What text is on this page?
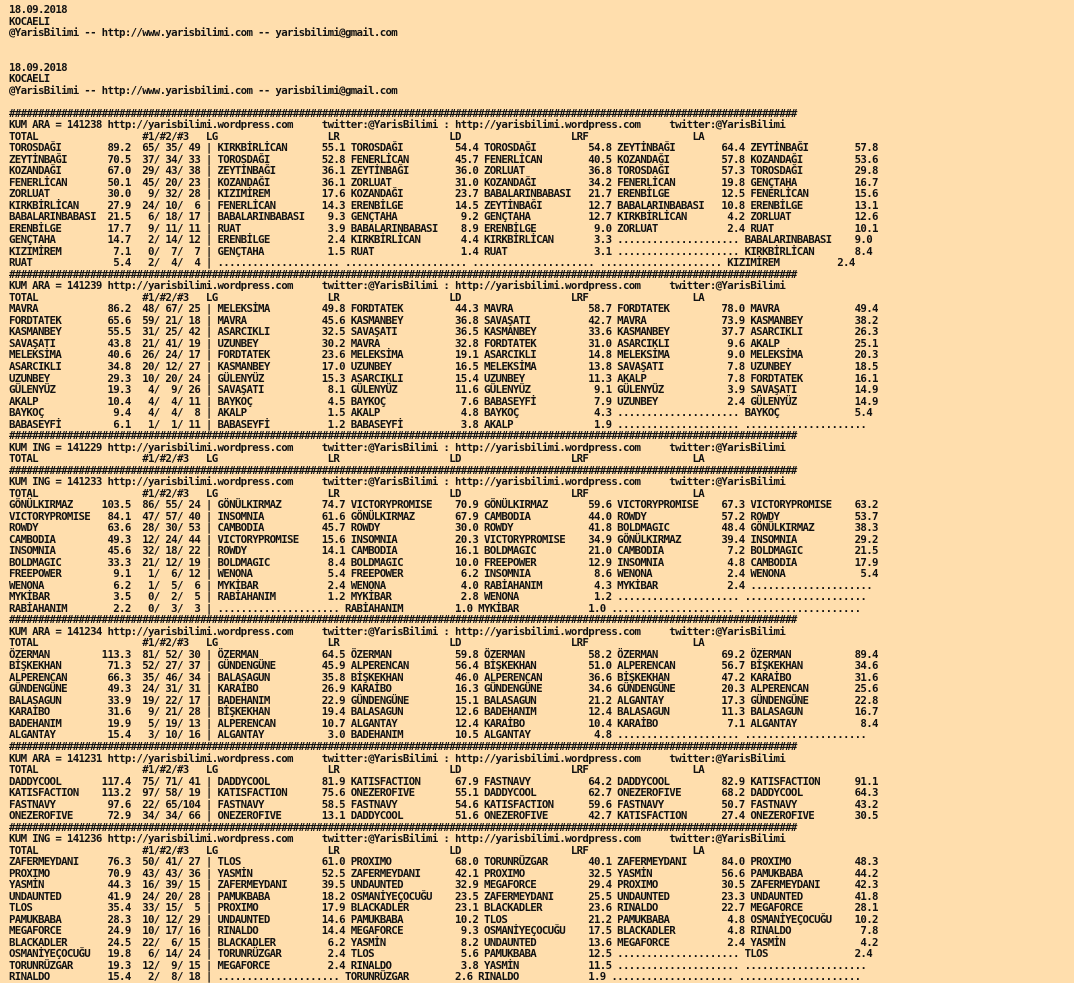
18.09.2018
KOCAELI
@YarisBilimi -- http://www.yarisbilimi.com -- yarisbilimi@gmail.com

18.09.2018
KOCAELI
@YarisBilimi -- http://www.yarisbilimi.com -- yarisbilimi@gmail.com

########################################################################################################################################
KUM ARA = 141238 http://yarisbilimi.wordpress.com     twitter:@YarisBilimi : http://yarisbilimi.wordpress.com     twitter:@YarisBilimi
TOTAL                  #1/#2/#3   LG                   LR                   LD                   LRF                  LA
TOROSDAĞI        89.2  65/ 35/ 49 | KIRKBİRLİCAN      55.1 TOROSDAĞI         54.4 TOROSDAĞI         54.8 ZEYTİNBAĞI        64.4 ZEYTİNBAĞI        57.8
ZEYTİNBAĞI       70.5  37/ 34/ 33 | TOROSDAĞI         52.8 FENERLİCAN        45.7 FENERLİCAN        40.5 KOZANDAĞI         57.8 KOZANDAĞI         53.6
KOZANDAĞI        67.0  29/ 43/ 38 | ZEYTİNBAĞI        36.1 ZEYTİNBAĞI        36.0 ZORLUAT           36.8 TOROSDAĞI         57.3 TOROSDAĞI         29.8
FENERLİCAN       50.1  45/ 20/ 23 | KOZANDAĞI         36.1 ZORLUAT           31.0 KOZANDAĞI         34.2 FENERLİCAN        19.8 GENÇTAHA          16.7
ZORLUAT          30.0   9/ 32/ 28 | KIZIMİREM         17.6 KOZANDAĞI         23.7 BABALARINBABASI   21.7 ERENBİLGE         12.5 FENERLİCAN        15.6
KIRKBİRLİCAN     27.9  24/ 10/  6 | FENERLİCAN        14.3 ERENBİLGE         14.5 ZEYTİNBAĞI        12.7 BABALARINBABASI   10.8 ERENBİLGE         13.1
BABALARINBABASI  21.5   6/ 18/ 17 | BABALARINBABASI    9.3 GENÇTAHA           9.2 GENÇTAHA          12.7 KIRKBİRLİCAN       4.2 ZORLUAT           12.6
ERENBİLGE        17.7   9/ 11/ 11 | RUAT               3.9 BABALARINBABASI    8.9 ERENBİLGE          9.0 ZORLUAT            2.4 RUAT              10.1
GENÇTAHA         14.7   2/ 14/ 12 | ERENBİLGE          2.4 KIRKBİRLİCAN       4.4 KIRKBİRLİCAN       3.3 ..................... BABALARINBABASI    9.0
KIZIMİREM         7.1   0/  7/  7 | GENÇTAHA           1.5 RUAT               1.4 RUAT               3.1 ..................... KIRKBİRLİCAN       8.4
RUAT              5.4   2/  4/  4 | ..................... ..................... ..................... ..................... KIZIMİREM          2.4
########################################################################################################################################
KUM ARA = 141239 http://yarisbilimi.wordpress.com     twitter:@YarisBilimi : http://yarisbilimi.wordpress.com     twitter:@YarisBilimi
TOTAL                  #1/#2/#3   LG                   LR                   LD                   LRF                  LA
MAVRA            86.2  48/ 67/ 25 | MELEKSİMA         49.8 FORDTATEK         44.3 MAVRA             58.7 FORDTATEK         78.0 MAVRA             49.4
FORDTATEK        65.6  59/ 21/ 18 | MAVRA             45.6 KASMANBEY         36.8 SAVAŞATI          42.7 MAVRA             73.9 KASMANBEY         38.2
KASMANBEY        55.5  31/ 25/ 42 | ASARCIKLI         32.5 SAVAŞATI          36.5 KASMANBEY         33.6 KASMANBEY         37.7 ASARCIKLI         26.3
SAVAŞATI         43.8  21/ 41/ 19 | UZUNBEY           30.2 MAVRA             32.8 FORDTATEK         31.0 ASARCIKLI          9.6 AKALP             25.1
MELEKSİMA        40.6  26/ 24/ 17 | FORDTATEK         23.6 MELEKSİMA         19.1 ASARCIKLI         14.8 MELEKSİMA          9.0 MELEKSİMA         20.3
ASARCIKLI        34.8  20/ 12/ 27 | KASMANBEY         17.0 UZUNBEY           16.5 MELEKSİMA         13.8 SAVAŞATI           7.8 UZUNBEY           18.5
UZUNBEY          29.3  10/ 20/ 24 | GÜLENYÜZ          15.3 ASARCIKLI         15.4 UZUNBEY           11.3 AKALP              7.8 FORDTATEK         16.1
GÜLENYÜZ         19.3   4/  9/ 26 | SAVAŞATI           8.1 GÜLENYÜZ          11.6 GÜLENYÜZ           9.1 GÜLENYÜZ           3.9 SAVAŞATI          14.9
AKALP            10.4   4/  4/ 11 | BAYKOÇ             4.5 BAYKOÇ             7.6 BABASEYFİ          7.9 UZUNBEY            2.4 GÜLENYÜZ          14.9
BAYKOÇ            9.4   4/  4/  8 | AKALP              1.5 AKALP              4.8 BAYKOÇ             4.3 ..................... BAYKOÇ             5.4
BABASEYFİ         6.1   1/  1/ 11 | BABASEYFİ          1.2 BABASEYFİ          3.8 AKALP              1.9 ..................... .....................
########################################################################################################################################
KUM ING = 141229 http://yarisbilimi.wordpress.com     twitter:@YarisBilimi : http://yarisbilimi.wordpress.com     twitter:@YarisBilimi
TOTAL                  #1/#2/#3   LG                   LR                   LD                   LRF                  LA
########################################################################################################################################
KUM ING = 141233 http://yarisbilimi.wordpress.com     twitter:@YarisBilimi : http://yarisbilimi.wordpress.com     twitter:@YarisBilimi
TOTAL                  #1/#2/#3   LG                   LR                   LD                   LRF                  LA
GÖNÜLKIRMAZ     103.5  86/ 55/ 24 | GÖNÜLKIRMAZ       74.7 VICTORYPROMISE    70.9 GÖNÜLKIRMAZ       59.6 VICTORYPROMISE    67.3 VICTORYPROMISE    63.2
VICTORYPROMISE   84.1  47/ 57/ 40 | INSOMNIA          61.6 GÖNÜLKIRMAZ       67.9 CAMBODIA          44.0 ROWDY             57.2 ROWDY             53.7
ROWDY            63.6  28/ 30/ 53 | CAMBODIA          45.7 ROWDY             30.0 ROWDY             41.8 BOLDMAGIC         48.4 GÖNÜLKIRMAZ       38.3
CAMBODIA         49.3  12/ 24/ 44 | VICTORYPROMISE    15.6 INSOMNIA          20.3 VICTORYPROMISE    34.9 GÖNÜLKIRMAZ       39.4 INSOMNIA          29.2
INSOMNIA         45.6  32/ 18/ 22 | ROWDY             14.1 CAMBODIA          16.1 BOLDMAGIC         21.0 CAMBODIA           7.2 BOLDMAGIC         21.5
BOLDMAGIC        33.3  21/ 12/ 19 | BOLDMAGIC          8.4 BOLDMAGIC         10.0 FREEPOWER         12.9 INSOMNIA           4.8 CAMBODIA          17.9
FREEPOWER         9.1   1/  6/ 12 | WENONA             5.4 FREEPOWER          6.2 INSOMNIA           8.6 WENONA             2.4 WENONA             5.4
WENONA            6.2   1/  5/  6 | MYKİBAR            2.4 WENONA             4.0 RABİAHANIM         4.3 MYKİBAR            2.4 .....................
MYKİBAR           3.5   0/  2/  5 | RABİAHANIM         1.2 MYKİBAR            2.8 WENONA             1.2 ..................... .....................
RABİAHANIM        2.2   0/  3/  3 | ..................... RABİAHANIM         1.0 MYKİBAR            1.0 ..................... .....................
########################################################################################################################################
KUM ARA = 141234 http://yarisbilimi.wordpress.com     twitter:@YarisBilimi : http://yarisbilimi.wordpress.com     twitter:@YarisBilimi
TOTAL                  #1/#2/#3   LG                   LR                   LD                   LRF                  LA
ÖZERMAN         113.3  81/ 52/ 30 | ÖZERMAN           64.5 ÖZERMAN           59.8 ÖZERMAN           58.2 ÖZERMAN           69.2 ÖZERMAN           89.4
BİŞKEKHAN        71.3  52/ 27/ 37 | GÜNDENGÜNE        45.9 ALPERENCAN        56.4 BİŞKEKHAN         51.0 ALPERENCAN        56.7 BİŞKEKHAN         34.6
ALPERENCAN       66.3  35/ 46/ 34 | BALASAGUN         35.8 BİŞKEKHAN         46.0 ALPERENCAN        36.6 BİŞKEKHAN         47.2 KARAİBO           31.6
GÜNDENGÜNE       49.3  24/ 31/ 31 | KARAİBO           26.9 KARAİBO           16.3 GÜNDENGÜNE        34.6 GÜNDENGÜNE        20.3 ALPERENCAN        25.6
BALASAGUN        33.9  19/ 22/ 17 | BADEHANIM         22.9 GÜNDENGÜNE        15.1 BALASAGUN         21.2 ALGANTAY          17.3 GÜNDENGÜNE        22.8
KARAİBO          31.6   9/ 21/ 28 | BİŞKEKHAN         19.4 BALASAGUN         12.6 BADEHANIM         12.4 BALASAGUN         11.3 BALASAGUN         16.7
BADEHANIM        19.9   5/ 19/ 13 | ALPERENCAN        10.7 ALGANTAY          12.4 KARAİBO           10.4 KARAİBO            7.1 ALGANTAY           8.4
ALGANTAY         15.4   3/ 10/ 16 | ALGANTAY           3.0 BADEHANIM         10.5 ALGANTAY           4.8 ..................... .....................
########################################################################################################################################
KUM ARA = 141231 http://yarisbilimi.wordpress.com     twitter:@YarisBilimi : http://yarisbilimi.wordpress.com     twitter:@YarisBilimi
TOTAL                  #1/#2/#3   LG                   LR                   LD                   LRF                  LA
DADDYCOOL       117.4  75/ 71/ 41 | DADDYCOOL         81.9 KATISFACTION      67.9 FASTNAVY          64.2 DADDYCOOL         82.9 KATISFACTION      91.1
KATISFACTION    113.2  97/ 58/ 19 | KATISFACTION      75.6 ONEZEROFIVE       55.1 DADDYCOOL         62.7 ONEZEROFIVE       68.2 DADDYCOOL         64.3
FASTNAVY         97.6  22/ 65/104 | FASTNAVY          58.5 FASTNAVY          54.6 KATISFACTION      59.6 FASTNAVY          50.7 FASTNAVY          43.2
ONEZEROFIVE      72.9  34/ 34/ 66 | ONEZEROFIVE       13.1 DADDYCOOL         51.6 ONEZEROFIVE       42.7 KATISFACTION      27.4 ONEZEROFIVE       30.5
########################################################################################################################################
KUM ING = 141236 http://yarisbilimi.wordpress.com     twitter:@YarisBilimi : http://yarisbilimi.wordpress.com     twitter:@YarisBilimi
TOTAL                  #1/#2/#3   LG                   LR                   LD                   LRF                  LA
ZAFERMEYDANI     76.3  50/ 41/ 27 | TLOS              61.0 PROXIMO           68.0 TORUNRÜZGAR       40.1 ZAFERMEYDANI      84.0 PROXIMO           48.3
PROXIMO          70.9  43/ 43/ 36 | YASMİN            52.5 ZAFERMEYDANI      42.1 PROXIMO           32.5 YASMİN            56.6 PAMUKBABA         44.2
YASMİN           44.3  16/ 39/ 15 | ZAFERMEYDANI      39.5 UNDAUNTED         32.9 MEGAFORCE         29.4 PROXIMO           30.5 ZAFERMEYDANI      42.3
UNDAUNTED        41.9  24/ 20/ 28 | PAMUKBABA         18.2 OSMANİYEÇOCUĞU    23.5 ZAFERMEYDANI      25.5 UNDAUNTED         23.3 UNDAUNTED         41.8
TLOS             35.4  33/ 15/  5 | PROXIMO           17.9 BLACKADLER        23.1 BLACKADLER        23.6 RINALDO           22.7 MEGAFORCE         28.1
PAMUKBABA        28.3  10/ 12/ 29 | UNDAUNTED         14.6 PAMUKBABA         10.2 TLOS              21.2 PAMUKBABA          4.8 OSMANİYEÇOCUĞU    10.2
MEGAFORCE        24.9  10/ 17/ 16 | RINALDO           14.4 MEGAFORCE          9.3 OSMANİYEÇOCUĞU    17.5 BLACKADLER         4.8 RINALDO            7.8
BLACKADLER       24.5  22/  6/ 15 | BLACKADLER         6.2 YASMİN             8.2 UNDAUNTED         13.6 MEGAFORCE          2.4 YASMİN             4.2
OSMANİYEÇOCUĞU   19.8   6/ 14/ 24 | TORUNRÜZGAR        2.4 TLOS               5.6 PAMUKBABA         12.5 ..................... TLOS               2.4
TORUNRÜZGAR      19.3  12/  9/ 15 | MEGAFORCE          2.4 RINALDO            3.8 YASMİN            11.5 ..................... .....................
RINALDO          15.4   2/  8/ 18 | ..................... TORUNRÜZGAR        2.6 RINALDO            1.9 ..................... .....................
